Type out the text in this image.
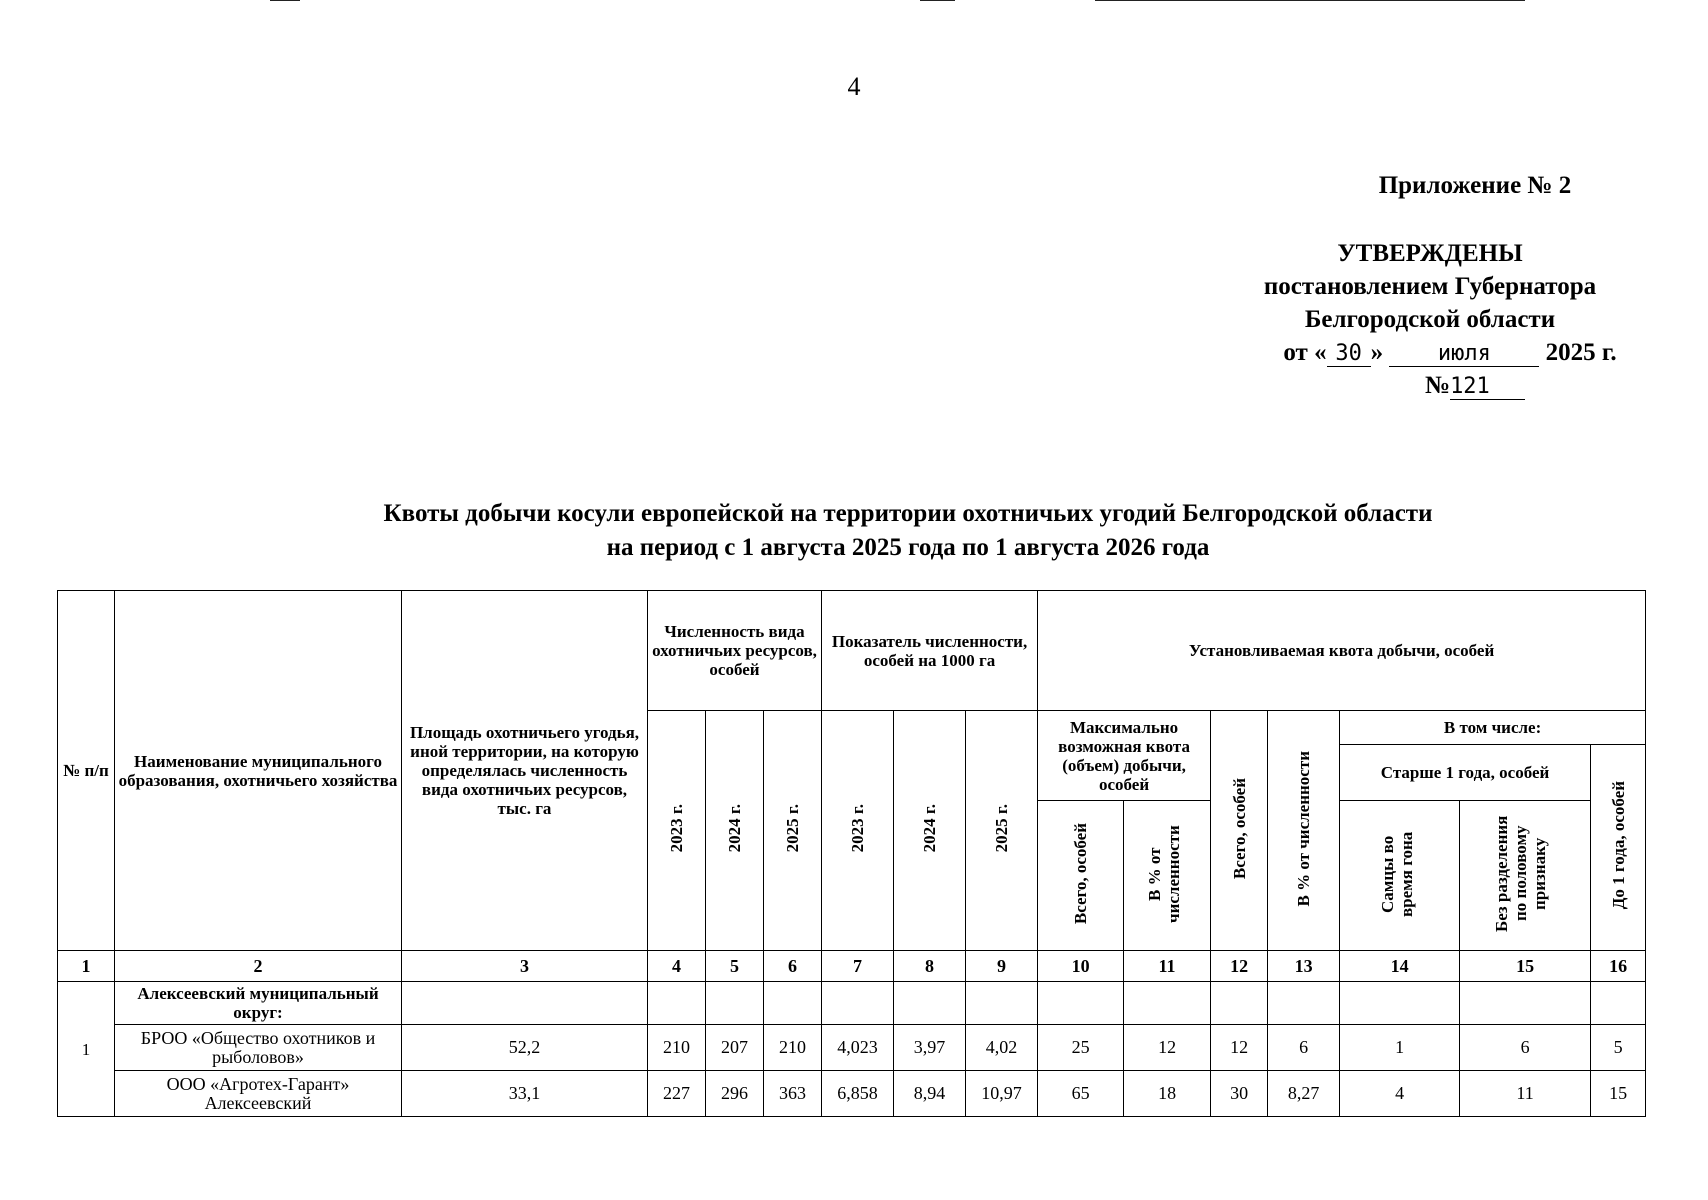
4
Приложение № 2
УТВЕРЖДЕНЫ
постановлением Губернатора
Белгородской области
от « 30 » июля 2025 г.
№121
Квоты добычи косули европейской на территории охотничьих угодий Белгородской области
на период с 1 августа 2025 года по 1 августа 2026 года
№ п/п	Наименование муниципального образования, охотничьего хозяйства	Площадь охотничьего угодья, иной территории, на которую определялась численность вида охотничьих ресурсов, тыс. га	Численность вида охотничьих ресурсов, особей			Показатель численности, особей на 1000 га			Установливаемая квота добычи, особей						
			2023 г.	2024 г.	2025 г.	2023 г.	2024 г.	2025 г.	Максимально возможная квота (объем) добычи, особей		Всего, особей	В % от численности	В том числе:		
													Старше 1 года, особей		До 1 года, особей
									Всего, особей	В % от численности			Самцы во время гона	Без разделения по половому признаку	
1	2	3	4	5	6	7	8	9	10	11	12	13	14	15	16
1	Алексеевский муниципальный округ:														
	БРОО «Общество охотников и рыболовов»	52,2	210	207	210	4,023	3,97	4,02	25	12	12	6	1	6	5
	ООО «Агротех-Гарант» Алексеевский	33,1	227	296	363	6,858	8,94	10,97	65	18	30	8,27	4	11	15
